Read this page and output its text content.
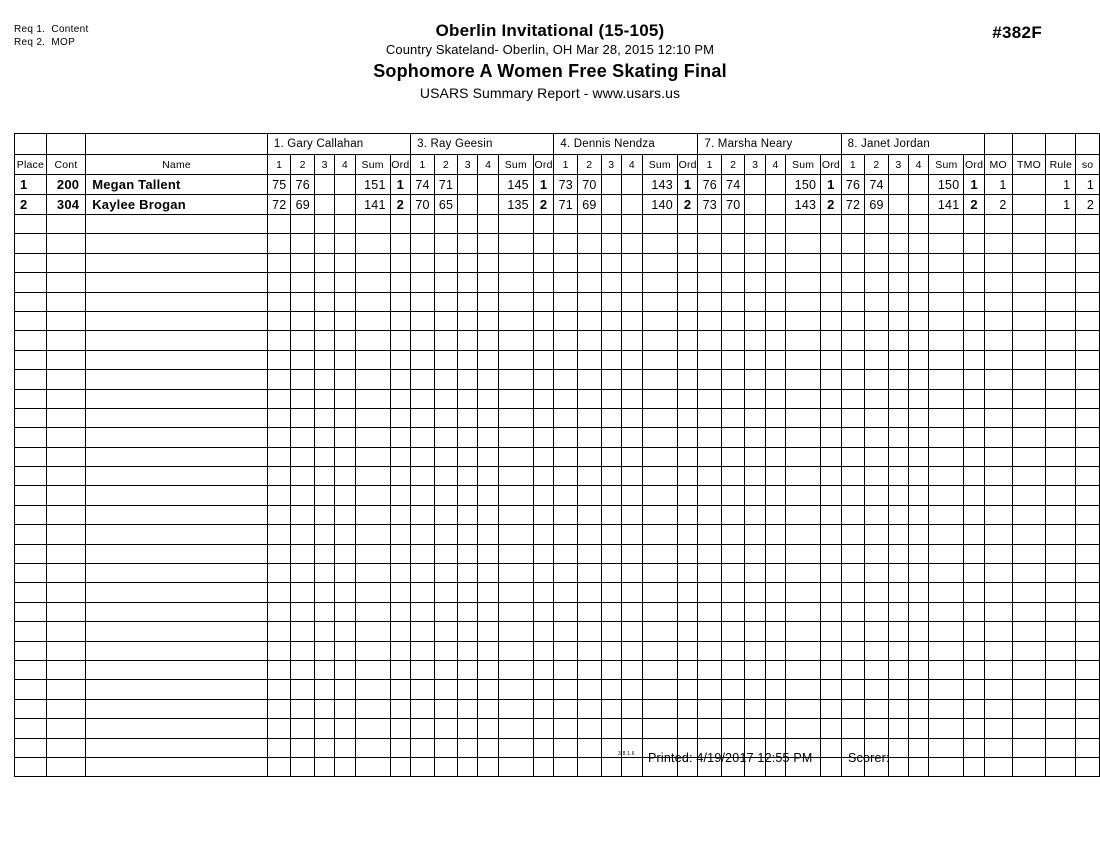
Req 1.  Content
Req 2.  MOP
Oberlin Invitational (15-105)
Country Skateland- Oberlin, OH Mar 28, 2015 12:10 PM
Sophomore A Women Free Skating Final
USARS Summary Report - www.usars.us
#382F
			1. Gary Callahan						3. Ray Geesin						4. Dennis Nendza						7. Marsha Neary						8. Janet Jordan									
Place	Cont	Name	1	2	3	4	Sum	Ord	1	2	3	4	Sum	Ord	1	2	3	4	Sum	Ord	1	2	3	4	Sum	Ord	1	2	3	4	Sum	Ord	MO	TMO	Rule	so
1	200	Megan Tallent	75	76			151	1	74	71			145	1	73	70			143	1	76	74			150	1	76	74			150	1	1		1	1
2	304	Kaylee Brogan	72	69			141	2	70	65			135	2	71	69			140	2	73	70			143	2	72	69			141	2	2		1	2

3.8.1.6 Printed: 4/19/2017 12:55 PM	Scorer:
